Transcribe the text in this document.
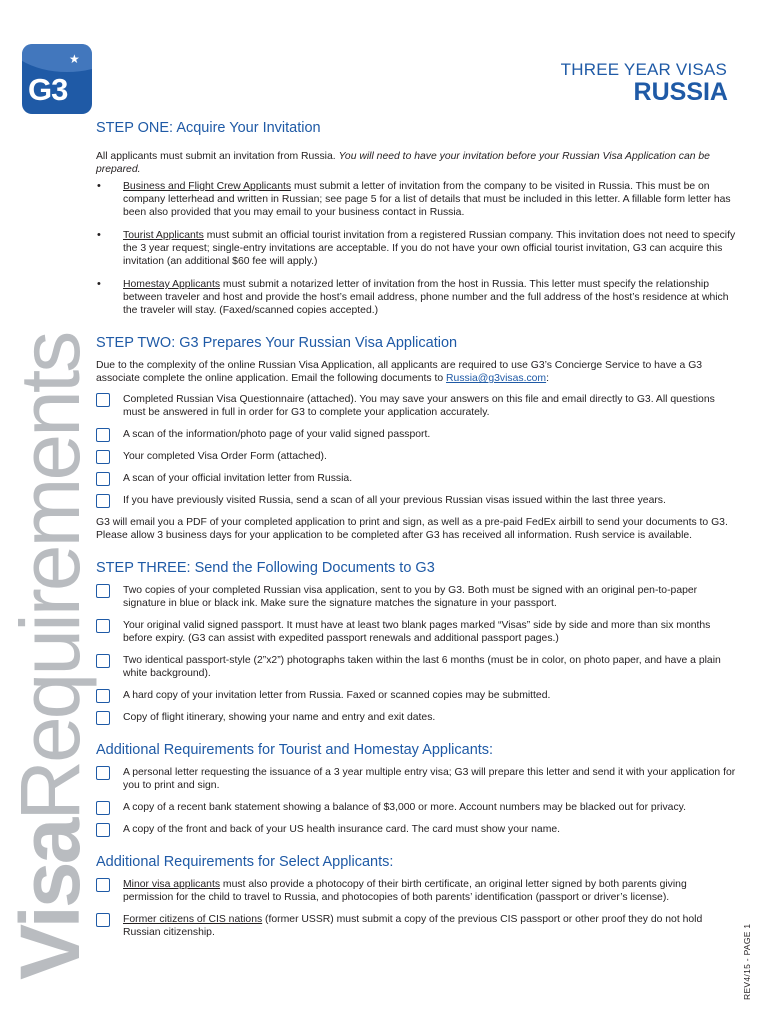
★
G3
VisaRequirements
THREE YEAR VISAS
RUSSIA
STEP ONE: Acquire Your Invitation

All applicants must submit an invitation from Russia. You will need to have your invitation before your Russian Visa Application can be prepared.

• Business and Flight Crew Applicants must submit a letter of invitation from the company to be visited in Russia. This must be on company letterhead and written in Russian; see page 5 for a list of details that must be included in this letter. A fillable form letter has been also provided that you may email to your business contact in Russia.
• Tourist Applicants must submit an official tourist invitation from a registered Russian company. This invitation does not need to specify the 3 year request; single-entry invitations are acceptable. If you do not have your own official tourist invitation, G3 can acquire this invitation (an additional $60 fee will apply.)
• Homestay Applicants must submit a notarized letter of invitation from the host in Russia. This letter must specify the relationship between traveler and host and provide the host’s email address, phone number and the full address of the host’s residence at which the traveler will stay. (Faxed/scanned copies accepted.)
STEP TWO: G3 Prepares Your Russian Visa Application

Due to the complexity of the online Russian Visa Application, all applicants are required to use G3’s Concierge Service to have a G3 associate complete the online application. Email the following documents to Russia@g3visas.com:

Completed Russian Visa Questionnaire (attached). You may save your answers on this file and email directly to G3. All questions must be answered in full in order for G3 to complete your application accurately.
A scan of the information/photo page of your valid signed passport.
Your completed Visa Order Form (attached).
A scan of your official invitation letter from Russia.
If you have previously visited Russia, send a scan of all your previous Russian visas issued within the last three years.

G3 will email you a PDF of your completed application to print and sign, as well as a pre-paid FedEx airbill to send your documents to G3. Please allow 3 business days for your application to be completed after G3 has received all information. Rush service is available.

STEP THREE: Send the Following Documents to G3
Two copies of your completed Russian visa application, sent to you by G3. Both must be signed with an original pen-to-paper signature in blue or black ink. Make sure the signature matches the signature in your passport.
Your original valid signed passport. It must have at least two blank pages marked “Visas” side by side and more than six months before expiry. (G3 can assist with expedited passport renewals and additional passport pages.)
Two identical passport-style (2”x2”) photographs taken within the last 6 months (must be in color, on photo paper, and have a plain white background).
A hard copy of your invitation letter from Russia. Faxed or scanned copies may be submitted.
Copy of flight itinerary, showing your name and entry and exit dates.
Additional Requirements for Tourist and Homestay Applicants:
A personal letter requesting the issuance of a 3 year multiple entry visa; G3 will prepare this letter and send it with your application for you to print and sign.
A copy of a recent bank statement showing a balance of $3,000 or more. Account numbers may be blacked out for privacy.
A copy of the front and back of your US health insurance card. The card must show your name.
Additional Requirements for Select Applicants:
Minor visa applicants must also provide a photocopy of their birth certificate, an original letter signed by both parents giving permission for the child to travel to Russia, and photocopies of both parents’ identification (passport or driver’s license).
Former citizens of CIS nations (former USSR) must submit a copy of the previous CIS passport or other proof they do not hold Russian citizenship.	REV4/15 - PAGE 1
